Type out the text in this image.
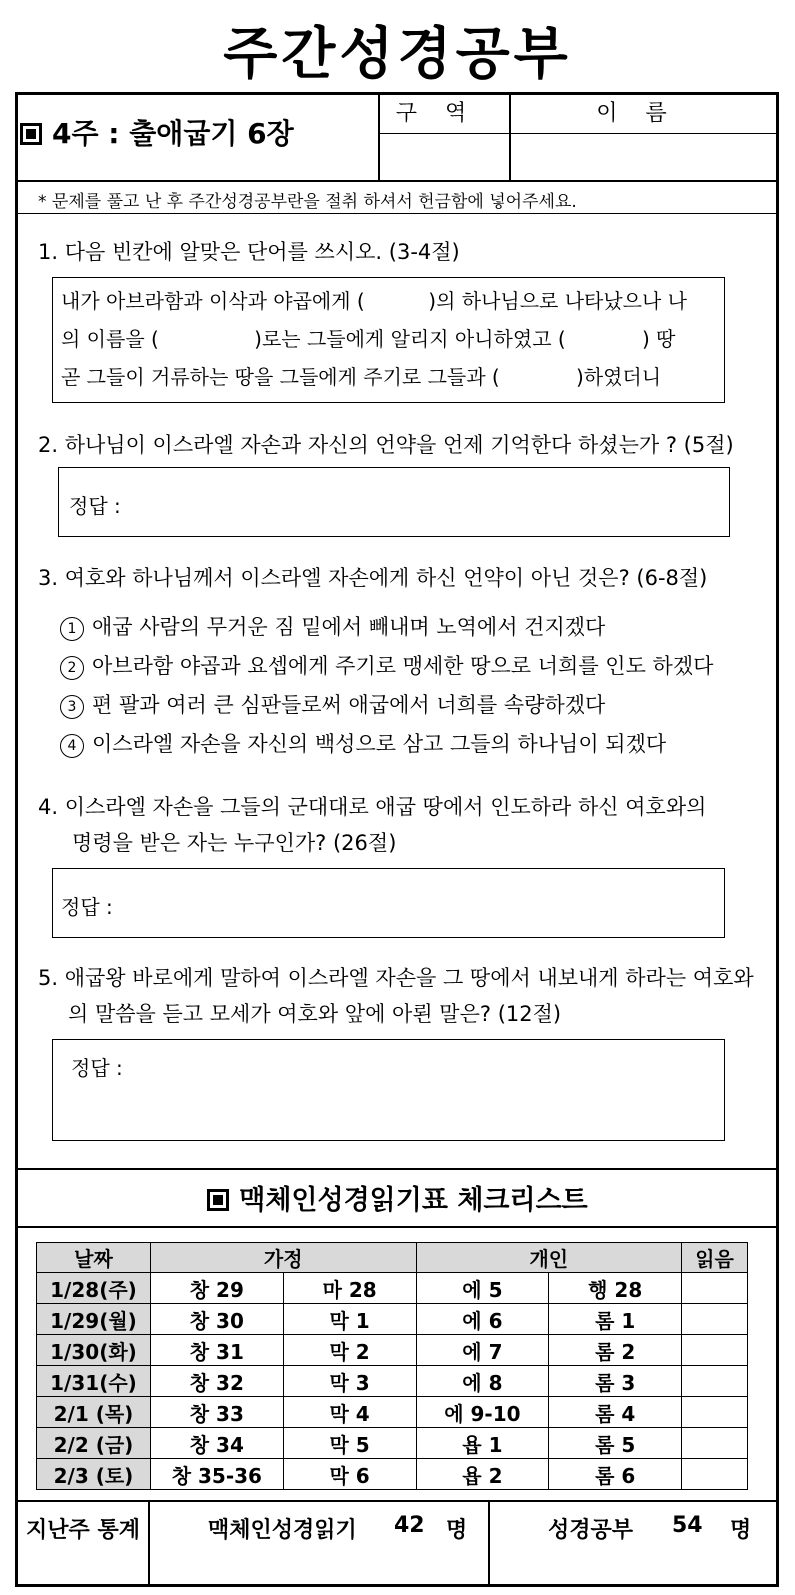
주간성경공부
4주 : 출애굽기 6장
구역	이름
* 문제를 풀고 난 후 주간성경공부란을 절취 하셔서 헌금함에 넣어주세요.
1. 다음 빈칸에 알맞은 단어를 쓰시오. (3-4절)
내가 아브라함과 이삭과 야곱에게 (          )의 하나님으로 나타났으나 나
의 이름을 (               )로는 그들에게 알리지 아니하였고 (            ) 땅
곧 그들이 거류하는 땅을 그들에게 주기로 그들과 (            )하였더니
2. 하나님이 이스라엘 자손과 자신의 언약을 언제 기억한다 하셨는가 ? (5절)
정답 :
3. 여호와 하나님께서 이스라엘 자손에게 하신 언약이 아닌 것은? (6-8절)
1 애굽 사람의 무거운 짐 밑에서 빼내며 노역에서 건지겠다
2 아브라함 야곱과 요셉에게 주기로 맹세한 땅으로 너희를 인도 하겠다
3 편 팔과 여러 큰 심판들로써 애굽에서 너희를 속량하겠다
4 이스라엘 자손을 자신의 백성으로 삼고 그들의 하나님이 되겠다
4. 이스라엘 자손을 그들의 군대대로 애굽 땅에서 인도하라 하신 여호와의
명령을 받은 자는 누구인가? (26절)
정답 :
5. 애굽왕 바로에게 말하여 이스라엘 자손을 그 땅에서 내보내게 하라는 여호와
의 말씀을 듣고 모세가 여호와 앞에 아뢴 말은? (12절)
정답 :
맥체인성경읽기표 체크리스트
날짜	가정		개인		읽음
1/28(주)	창 29	마 28	에 5	행 28	
1/29(월)	창 30	막 1	에 6	롬 1	
1/30(화)	창 31	막 2	에 7	롬 2	
1/31(수)	창 32	막 3	에 8	롬 3	
2/1 (목)	창 33	막 4	에 9-10	롬 4	
2/2 (금)	창 34	막 5	욥 1	롬 5	
2/3 (토)	창 35-36	막 6	욥 2	롬 6	
지난주 통계	맥체인성경읽기 42 명	성경공부 54 명
